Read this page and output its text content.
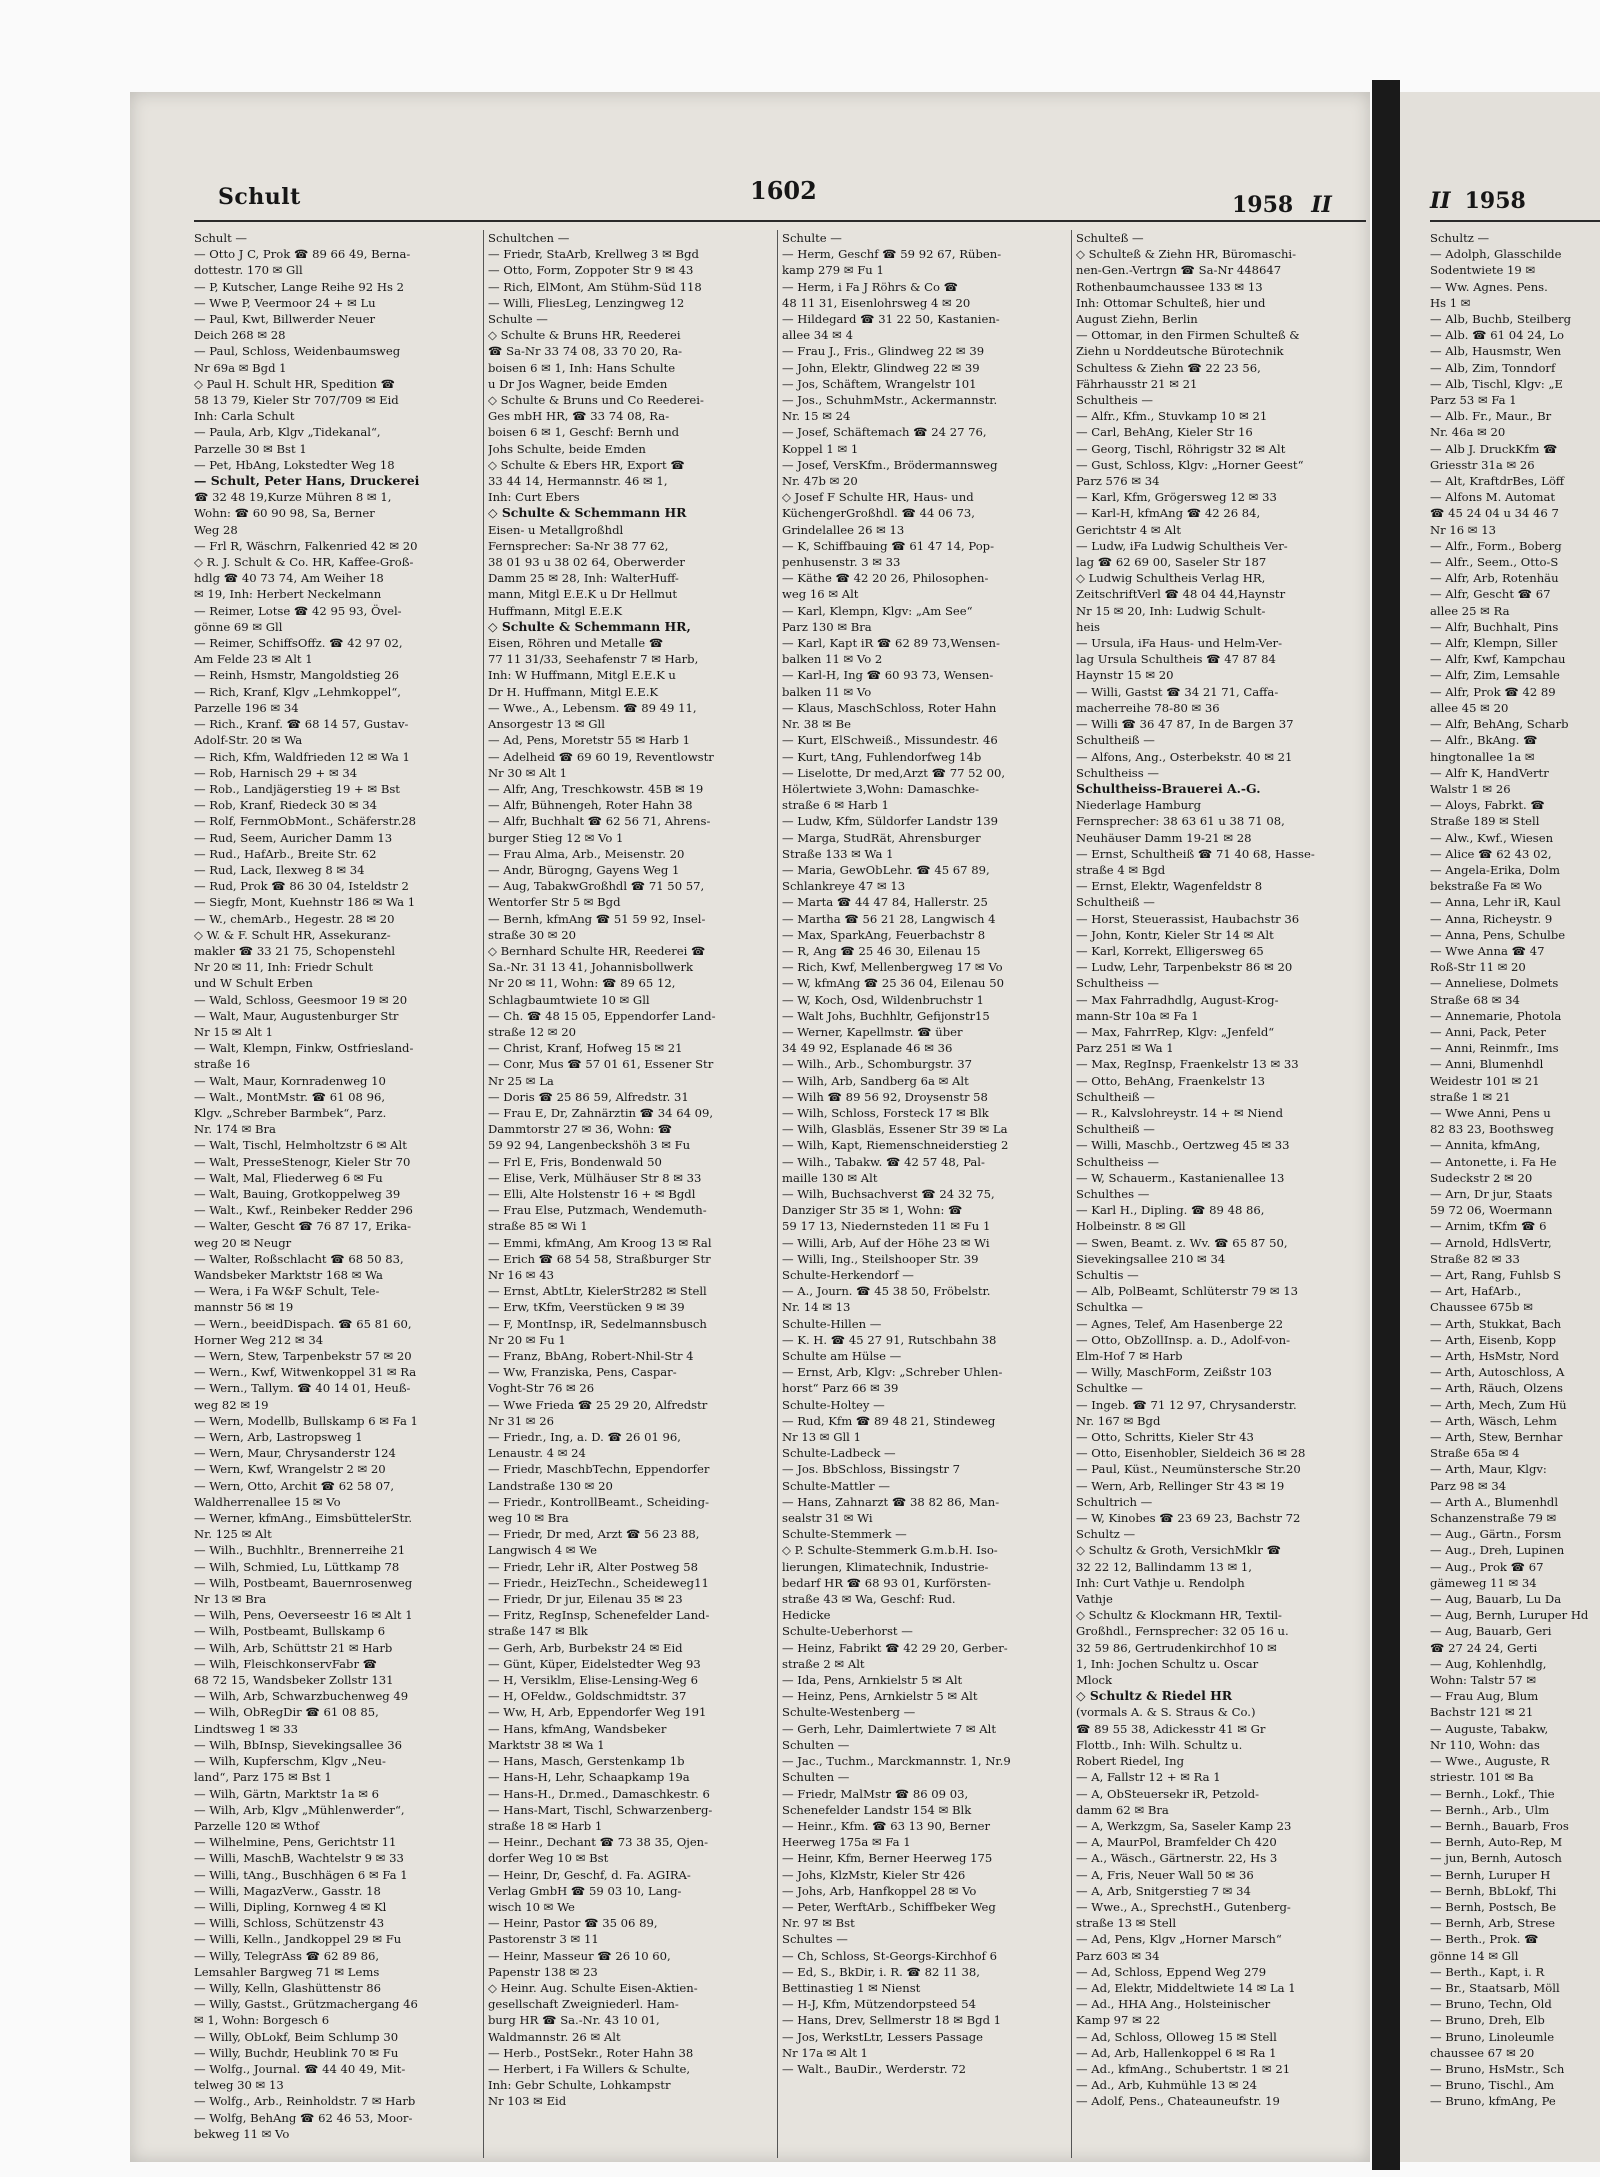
Schult	1602	1958 II
Schult —
— Otto J C, Prok ☎ 89 66 49, Berna-
dottestr. 170 ✉ Gll
— P, Kutscher, Lange Reihe 92 Hs 2
— Wwe P, Veermoor 24 + ✉ Lu
— Paul, Kwt, Billwerder Neuer
Deich 268 ✉ 28
— Paul, Schloss, Weidenbaumsweg
Nr 69a ✉ Bgd 1
◇ Paul H. Schult HR, Spedition ☎
58 13 79, Kieler Str 707/709 ✉ Eid
Inh: Carla Schult
— Paula, Arb, Klgv „Tidekanal“,
Parzelle 30 ✉ Bst 1
— Pet, HbAng, Lokstedter Weg 18
— Schult, Peter Hans, Druckerei
☎ 32 48 19,Kurze Mühren 8 ✉ 1,
Wohn: ☎ 60 90 98, Sa, Berner
Weg 28
— Frl R, Wäschrn, Falkenried 42 ✉ 20
◇ R. J. Schult & Co. HR, Kaffee-Groß-
hdlg ☎ 40 73 74, Am Weiher 18
✉ 19, Inh: Herbert Neckelmann
— Reimer, Lotse ☎ 42 95 93, Övel-
gönne 69 ✉ Gll
— Reimer, SchiffsOffz. ☎ 42 97 02,
Am Felde 23 ✉ Alt 1
— Reinh, Hsmstr, Mangoldstieg 26
— Rich, Kranf, Klgv „Lehmkoppel“,
Parzelle 196 ✉ 34
— Rich., Kranf. ☎ 68 14 57, Gustav-
Adolf-Str. 20 ✉ Wa
— Rich, Kfm, Waldfrieden 12 ✉ Wa 1
— Rob, Harnisch 29 + ✉ 34
— Rob., Landjägerstieg 19 + ✉ Bst
— Rob, Kranf, Riedeck 30 ✉ 34
— Rolf, FernmObMont., Schäferstr.28
— Rud, Seem, Auricher Damm 13
— Rud., HafArb., Breite Str. 62
— Rud, Lack, Ilexweg 8 ✉ 34
— Rud, Prok ☎ 86 30 04, Isteldstr 2
— Siegfr, Mont, Kuehnstr 186 ✉ Wa 1
— W., chemArb., Hegestr. 28 ✉ 20
◇ W. & F. Schult HR, Assekuranz-
makler ☎ 33 21 75, Schopenstehl
Nr 20 ✉ 11, Inh: Friedr Schult
und W Schult Erben
— Wald, Schloss, Geesmoor 19 ✉ 20
— Walt, Maur, Augustenburger Str
Nr 15 ✉ Alt 1
— Walt, Klempn, Finkw, Ostfriesland-
straße 16
— Walt, Maur, Kornradenweg 10
— Walt., MontMstr. ☎ 61 08 96,
Klgv. „Schreber Barmbek“, Parz.
Nr. 174 ✉ Bra
— Walt, Tischl, Helmholtzstr 6 ✉ Alt
— Walt, PresseStenogr, Kieler Str 70
— Walt, Mal, Fliederweg 6 ✉ Fu
— Walt, Bauing, Grotkoppelweg 39
— Walt., Kwf., Reinbeker Redder 296
— Walter, Gescht ☎ 76 87 17, Erika-
weg 20 ✉ Neugr
— Walter, Roßschlacht ☎ 68 50 83,
Wandsbeker Marktstr 168 ✉ Wa
— Wera, i Fa W&F Schult, Tele-
mannstr 56 ✉ 19
— Wern., beeidDispach. ☎ 65 81 60,
Horner Weg 212 ✉ 34
— Wern, Stew, Tarpenbekstr 57 ✉ 20
— Wern., Kwf, Witwenkoppel 31 ✉ Ra
— Wern., Tallym. ☎ 40 14 01, Heuß-
weg 82 ✉ 19
— Wern, Modellb, Bullskamp 6 ✉ Fa 1
— Wern, Arb, Lastropsweg 1
— Wern, Maur, Chrysanderstr 124
— Wern, Kwf, Wrangelstr 2 ✉ 20
— Wern, Otto, Archit ☎ 62 58 07,
Waldherrenallee 15 ✉ Vo
— Werner, kfmAng., EimsbüttelerStr.
Nr. 125 ✉ Alt
— Wilh., Buchhltr., Brennerreihe 21
— Wilh, Schmied, Lu, Lüttkamp 78
— Wilh, Postbeamt, Bauernrosenweg
Nr 13 ✉ Bra
— Wilh, Pens, Oeverseestr 16 ✉ Alt 1
— Wilh, Postbeamt, Bullskamp 6
— Wilh, Arb, Schüttstr 21 ✉ Harb
— Wilh, FleischkonservFabr ☎
68 72 15, Wandsbeker Zollstr 131
— Wilh, Arb, Schwarzbuchenweg 49
— Wilh, ObRegDir ☎ 61 08 85,
Lindtsweg 1 ✉ 33
— Wilh, BbInsp, Sievekingsallee 36
— Wilh, Kupferschm, Klgv „Neu-
land“, Parz 175 ✉ Bst 1
— Wilh, Gärtn, Marktstr 1a ✉ 6
— Wilh, Arb, Klgv „Mühlenwerder“,
Parzelle 120 ✉ Wthof
— Wilhelmine, Pens, Gerichtstr 11
— Willi, MaschB, Wachtelstr 9 ✉ 33
— Willi, tAng., Buschhägen 6 ✉ Fa 1
— Willi, MagazVerw., Gasstr. 18
— Willi, Dipling, Kornweg 4 ✉ Kl
— Willi, Schloss, Schützenstr 43
— Willi, Kelln., Jandkoppel 29 ✉ Fu
— Willy, TelegrAss ☎ 62 89 86,
Lemsahler Bargweg 71 ✉ Lems
— Willy, Kelln, Glashüttenstr 86
— Willy, Gastst., Grützmachergang 46
✉ 1, Wohn: Borgesch 6
— Willy, ObLokf, Beim Schlump 30
— Willy, Buchdr, Heublink 70 ✉ Fu
— Wolfg., Journal. ☎ 44 40 49, Mit-
telweg 30 ✉ 13
— Wolfg., Arb., Reinholdstr. 7 ✉ Harb
— Wolfg, BehAng ☎ 62 46 53, Moor-
bekweg 11 ✉ Vo
Schultchen —
— Friedr, StaArb, Krellweg 3 ✉ Bgd
— Otto, Form, Zoppoter Str 9 ✉ 43
— Rich, ElMont, Am Stühm-Süd 118
— Willi, FliesLeg, Lenzingweg 12
Schulte —
◇ Schulte & Bruns HR, Reederei
☎ Sa-Nr 33 74 08, 33 70 20, Ra-
boisen 6 ✉ 1, Inh: Hans Schulte
u Dr Jos Wagner, beide Emden
◇ Schulte & Bruns und Co Reederei-
Ges mbH HR, ☎ 33 74 08, Ra-
boisen 6 ✉ 1, Geschf: Bernh und
Johs Schulte, beide Emden
◇ Schulte & Ebers HR, Export ☎
33 44 14, Hermannstr. 46 ✉ 1,
Inh: Curt Ebers
◇ Schulte & Schemmann HR
Eisen- u Metallgroßhdl
Fernsprecher: Sa-Nr 38 77 62,
38 01 93 u 38 02 64, Oberwerder
Damm 25 ✉ 28, Inh: WalterHuff-
mann, Mitgl E.E.K u Dr Hellmut
Huffmann, Mitgl E.E.K
◇ Schulte & Schemmann HR,
Eisen, Röhren und Metalle ☎
77 11 31/33, Seehafenstr 7 ✉ Harb,
Inh: W Huffmann, Mitgl E.E.K u
Dr H. Huffmann, Mitgl E.E.K
— Wwe., A., Lebensm. ☎ 89 49 11,
Ansorgestr 13 ✉ Gll
— Ad, Pens, Moretstr 55 ✉ Harb 1
— Adelheid ☎ 69 60 19, Reventlowstr
Nr 30 ✉ Alt 1
— Alfr, Ang, Treschkowstr. 45B ✉ 19
— Alfr, Bühnengeh, Roter Hahn 38
— Alfr, Buchhalt ☎ 62 56 71, Ahrens-
burger Stieg 12 ✉ Vo 1
— Frau Alma, Arb., Meisenstr. 20
— Andr, Bürogng, Gayens Weg 1
— Aug, TabakwGroßhdl ☎ 71 50 57,
Wentorfer Str 5 ✉ Bgd
— Bernh, kfmAng ☎ 51 59 92, Insel-
straße 30 ✉ 20
◇ Bernhard Schulte HR, Reederei ☎
Sa.-Nr. 31 13 41, Johannisbollwerk
Nr 20 ✉ 11, Wohn: ☎ 89 65 12,
Schlagbaumtwiete 10 ✉ Gll
— Ch. ☎ 48 15 05, Eppendorfer Land-
straße 12 ✉ 20
— Christ, Kranf, Hofweg 15 ✉ 21
— Conr, Mus ☎ 57 01 61, Essener Str
Nr 25 ✉ La
— Doris ☎ 25 86 59, Alfredstr. 31
— Frau E, Dr, Zahnärztin ☎ 34 64 09,
Dammtorstr 27 ✉ 36, Wohn: ☎
59 92 94, Langenbeckshöh 3 ✉ Fu
— Frl E, Fris, Bondenwald 50
— Elise, Verk, Mülhäuser Str 8 ✉ 33
— Elli, Alte Holstenstr 16 + ✉ Bgdl
— Frau Else, Putzmach, Wendemuth-
straße 85 ✉ Wi 1
— Emmi, kfmAng, Am Kroog 13 ✉ Ral
— Erich ☎ 68 54 58, Straßburger Str
Nr 16 ✉ 43
— Ernst, AbtLtr, KielerStr282 ✉ Stell
— Erw, tKfm, Veerstücken 9 ✉ 39
— F, MontInsp, iR, Sedelmannsbusch
Nr 20 ✉ Fu 1
— Franz, BbAng, Robert-Nhil-Str 4
— Ww, Franziska, Pens, Caspar-
Voght-Str 76 ✉ 26
— Wwe Frieda ☎ 25 29 20, Alfredstr
Nr 31 ✉ 26
— Friedr., Ing, a. D. ☎ 26 01 96,
Lenaustr. 4 ✉ 24
— Friedr, MaschbTechn, Eppendorfer
Landstraße 130 ✉ 20
— Friedr., KontrollBeamt., Scheiding-
weg 10 ✉ Bra
— Friedr, Dr med, Arzt ☎ 56 23 88,
Langwisch 4 ✉ We
— Friedr, Lehr iR, Alter Postweg 58
— Friedr., HeizTechn., Scheideweg11
— Friedr, Dr jur, Eilenau 35 ✉ 23
— Fritz, RegInsp, Schenefelder Land-
straße 147 ✉ Blk
— Gerh, Arb, Burbekstr 24 ✉ Eid
— Günt, Küper, Eidelstedter Weg 93
— H, Versiklm, Elise-Lensing-Weg 6
— H, OFeldw., Goldschmidtstr. 37
— Ww, H, Arb, Eppendorfer Weg 191
— Hans, kfmAng, Wandsbeker
Marktstr 38 ✉ Wa 1
— Hans, Masch, Gerstenkamp 1b
— Hans-H, Lehr, Schaapkamp 19a
— Hans-H., Dr.med., Damaschkestr. 6
— Hans-Mart, Tischl, Schwarzenberg-
straße 18 ✉ Harb 1
— Heinr., Dechant ☎ 73 38 35, Ojen-
dorfer Weg 10 ✉ Bst
— Heinr, Dr, Geschf, d. Fa. AGIRA-
Verlag GmbH ☎ 59 03 10, Lang-
wisch 10 ✉ We
— Heinr, Pastor ☎ 35 06 89,
Pastorenstr 3 ✉ 11
— Heinr, Masseur ☎ 26 10 60,
Papenstr 138 ✉ 23
◇ Heinr. Aug. Schulte Eisen-Aktien-
gesellschaft Zweigniederl. Ham-
burg HR ☎ Sa.-Nr. 43 10 01,
Waldmannstr. 26 ✉ Alt
— Herb., PostSekr., Roter Hahn 38
— Herbert, i Fa Willers & Schulte,
Inh: Gebr Schulte, Lohkampstr
Nr 103 ✉ Eid
Schulte —
— Herm, Geschf ☎ 59 92 67, Rüben-
kamp 279 ✉ Fu 1
— Herm, i Fa J Röhrs & Co ☎
48 11 31, Eisenlohrsweg 4 ✉ 20
— Hildegard ☎ 31 22 50, Kastanien-
allee 34 ✉ 4
— Frau J., Fris., Glindweg 22 ✉ 39
— John, Elektr, Glindweg 22 ✉ 39
— Jos, Schäftem, Wrangelstr 101
— Jos., SchuhmMstr., Ackermannstr.
Nr. 15 ✉ 24
— Josef, Schäftemach ☎ 24 27 76,
Koppel 1 ✉ 1
— Josef, VersKfm., Brödermannsweg
Nr. 47b ✉ 20
◇ Josef F Schulte HR, Haus- und
KüchengerGroßhdl. ☎ 44 06 73,
Grindelallee 26 ✉ 13
— K, Schiffbauing ☎ 61 47 14, Pop-
penhusenstr. 3 ✉ 33
— Käthe ☎ 42 20 26, Philosophen-
weg 16 ✉ Alt
— Karl, Klempn, Klgv: „Am See“
Parz 130 ✉ Bra
— Karl, Kapt iR ☎ 62 89 73,Wensen-
balken 11 ✉ Vo 2
— Karl-H, Ing ☎ 60 93 73, Wensen-
balken 11 ✉ Vo
— Klaus, MaschSchloss, Roter Hahn
Nr. 38 ✉ Be
— Kurt, ElSchweiß., Missundestr. 46
— Kurt, tAng, Fuhlendorfweg 14b
— Liselotte, Dr med,Arzt ☎ 77 52 00,
Hölertwiete 3,Wohn: Damaschke-
straße 6 ✉ Harb 1
— Ludw, Kfm, Süldorfer Landstr 139
— Marga, StudRät, Ahrensburger
Straße 133 ✉ Wa 1
— Maria, GewObLehr. ☎ 45 67 89,
Schlankreye 47 ✉ 13
— Marta ☎ 44 47 84, Hallerstr. 25
— Martha ☎ 56 21 28, Langwisch 4
— Max, SparkAng, Feuerbachstr 8
— R, Ang ☎ 25 46 30, Eilenau 15
— Rich, Kwf, Mellenbergweg 17 ✉ Vo
— W, kfmAng ☎ 25 36 04, Eilenau 50
— W, Koch, Osd, Wildenbruchstr 1
— Walt Johs, Buchhltr, Gefijonstr15
— Werner, Kapellmstr. ☎ über
34 49 92, Esplanade 46 ✉ 36
— Wilh., Arb., Schomburgstr. 37
— Wilh, Arb, Sandberg 6a ✉ Alt
— Wilh ☎ 89 56 92, Droysenstr 58
— Wilh, Schloss, Forsteck 17 ✉ Blk
— Wilh, Glasbläs, Essener Str 39 ✉ La
— Wilh, Kapt, Riemenschneiderstieg 2
— Wilh., Tabakw. ☎ 42 57 48, Pal-
maille 130 ✉ Alt
— Wilh, Buchsachverst ☎ 24 32 75,
Danziger Str 35 ✉ 1, Wohn: ☎
59 17 13, Niedernsteden 11 ✉ Fu 1
— Willi, Arb, Auf der Höhe 23 ✉ Wi
— Willi, Ing., Steilshooper Str. 39
Schulte-Herkendorf —
— A., Journ. ☎ 45 38 50, Fröbelstr.
Nr. 14 ✉ 13
Schulte-Hillen —
— K. H. ☎ 45 27 91, Rutschbahn 38
Schulte am Hülse —
— Ernst, Arb, Klgv: „Schreber Uhlen-
horst“ Parz 66 ✉ 39
Schulte-Holtey —
— Rud, Kfm ☎ 89 48 21, Stindeweg
Nr 13 ✉ Gll 1
Schulte-Ladbeck —
— Jos. BbSchloss, Bissingstr 7
Schulte-Mattler —
— Hans, Zahnarzt ☎ 38 82 86, Man-
sealstr 31 ✉ Wi
Schulte-Stemmerk —
◇ P. Schulte-Stemmerk G.m.b.H. Iso-
lierungen, Klimatechnik, Industrie-
bedarf HR ☎ 68 93 01, Kurförsten-
straße 43 ✉ Wa, Geschf: Rud.
Hedicke
Schulte-Ueberhorst —
— Heinz, Fabrikt ☎ 42 29 20, Gerber-
straße 2 ✉ Alt
— Ida, Pens, Arnkielstr 5 ✉ Alt
— Heinz, Pens, Arnkielstr 5 ✉ Alt
Schulte-Westenberg —
— Gerh, Lehr, Daimlertwiete 7 ✉ Alt
Schulten —
— Jac., Tuchm., Marckmannstr. 1, Nr.9
Schulten —
— Friedr, MalMstr ☎ 86 09 03,
Schenefelder Landstr 154 ✉ Blk
— Heinr., Kfm. ☎ 63 13 90, Berner
Heerweg 175a ✉ Fa 1
— Heinr, Kfm, Berner Heerweg 175
— Johs, KlzMstr, Kieler Str 426
— Johs, Arb, Hanfkoppel 28 ✉ Vo
— Peter, WerftArb., Schiffbeker Weg
Nr. 97 ✉ Bst
Schultes —
— Ch, Schloss, St-Georgs-Kirchhof 6
— Ed, S., BkDir, i. R. ☎ 82 11 38,
Bettinastieg 1 ✉ Nienst
— H-J, Kfm, Mützendorpsteed 54
— Hans, Drev, Sellmerstr 18 ✉ Bgd 1
— Jos, WerkstLtr, Lessers Passage
Nr 17a ✉ Alt 1
— Walt., BauDir., Werderstr. 72
Schulteß —
◇ Schulteß & Ziehn HR, Büromaschi-
nen-Gen.-Vertrgn ☎ Sa-Nr 448647
Rothenbaumchaussee 133 ✉ 13
Inh: Ottomar Schulteß, hier und
August Ziehn, Berlin
— Ottomar, in den Firmen Schulteß &
Ziehn u Norddeutsche Bürotechnik
Schultess & Ziehn ☎ 22 23 56,
Fährhausstr 21 ✉ 21
Schultheis —
— Alfr., Kfm., Stuvkamp 10 ✉ 21
— Carl, BehAng, Kieler Str 16
— Georg, Tischl, Röhrigstr 32 ✉ Alt
— Gust, Schloss, Klgv: „Horner Geest“
Parz 576 ✉ 34
— Karl, Kfm, Grögersweg 12 ✉ 33
— Karl-H, kfmAng ☎ 42 26 84,
Gerichtstr 4 ✉ Alt
— Ludw, iFa Ludwig Schultheis Ver-
lag ☎ 62 69 00, Saseler Str 187
◇ Ludwig Schultheis Verlag HR,
ZeitschriftVerl ☎ 48 04 44,Haynstr
Nr 15 ✉ 20, Inh: Ludwig Schult-
heis
— Ursula, iFa Haus- und Helm-Ver-
lag Ursula Schultheis ☎ 47 87 84
Haynstr 15 ✉ 20
— Willi, Gastst ☎ 34 21 71, Caffa-
macherreihe 78-80 ✉ 36
— Willi ☎ 36 47 87, In de Bargen 37
Schultheiß —
— Alfons, Ang., Osterbekstr. 40 ✉ 21
Schultheiss —
Schultheiss-Brauerei A.-G.
Niederlage Hamburg
Fernsprecher: 38 63 61 u 38 71 08,
Neuhäuser Damm 19-21 ✉ 28
— Ernst, Schultheiß ☎ 71 40 68, Hasse-
straße 4 ✉ Bgd
— Ernst, Elektr, Wagenfeldstr 8
Schultheiß —
— Horst, Steuerassist, Haubachstr 36
— John, Kontr, Kieler Str 14 ✉ Alt
— Karl, Korrekt, Elligersweg 65
— Ludw, Lehr, Tarpenbekstr 86 ✉ 20
Schultheiss —
— Max Fahrradhdlg, August-Krog-
mann-Str 10a ✉ Fa 1
— Max, FahrrRep, Klgv: „Jenfeld“
Parz 251 ✉ Wa 1
— Max, RegInsp, Fraenkelstr 13 ✉ 33
— Otto, BehAng, Fraenkelstr 13
Schultheiß —
— R., Kalvslohreystr. 14 + ✉ Niend
Schultheiß —
— Willi, Maschb., Oertzweg 45 ✉ 33
Schultheiss —
— W, Schauerm., Kastanienallee 13
Schulthes —
— Karl H., Dipling. ☎ 89 48 86,
Holbeinstr. 8 ✉ Gll
— Swen, Beamt. z. Wv. ☎ 65 87 50,
Sievekingsallee 210 ✉ 34
Schultis —
— Alb, PolBeamt, Schlüterstr 79 ✉ 13
Schultka —
— Agnes, Telef, Am Hasenberge 22
— Otto, ObZollInsp. a. D., Adolf-von-
Elm-Hof 7 ✉ Harb
— Willy, MaschForm, Zeißstr 103
Schultke —
— Ingeb. ☎ 71 12 97, Chrysanderstr.
Nr. 167 ✉ Bgd
— Otto, Schritts, Kieler Str 43
— Otto, Eisenhobler, Sieldeich 36 ✉ 28
— Paul, Küst., Neumünstersche Str.20
— Wern, Arb, Rellinger Str 43 ✉ 19
Schultrich —
— W, Kinobes ☎ 23 69 23, Bachstr 72
Schultz —
◇ Schultz & Groth, VersichMklr ☎
32 22 12, Ballindamm 13 ✉ 1,
Inh: Curt Vathje u. Rendolph
Vathje
◇ Schultz & Klockmann HR, Textil-
Großhdl., Fernsprecher: 32 05 16 u.
32 59 86, Gertrudenkirchhof 10 ✉
1, Inh: Jochen Schultz u. Oscar
Mlock
◇ Schultz & Riedel HR
(vormals A. & S. Straus & Co.)
☎ 89 55 38, Adickesstr 41 ✉ Gr
Flottb., Inh: Wilh. Schultz u.
Robert Riedel, Ing
— A, Fallstr 12 + ✉ Ra 1
— A, ObSteuersekr iR, Petzold-
damm 62 ✉ Bra
— A, Werkzgm, Sa, Saseler Kamp 23
— A, MaurPol, Bramfelder Ch 420
— A., Wäsch., Gärtnerstr. 22, Hs 3
— A, Fris, Neuer Wall 50 ✉ 36
— A, Arb, Snitgerstieg 7 ✉ 34
— Wwe., A., SprechstH., Gutenberg-
straße 13 ✉ Stell
— Ad, Pens, Klgv „Horner Marsch“
Parz 603 ✉ 34
— Ad, Schloss, Eppend Weg 279
— Ad, Elektr, Middeltwiete 14 ✉ La 1
— Ad., HHA Ang., Holsteinischer
Kamp 97 ✉ 22
— Ad, Schloss, Olloweg 15 ✉ Stell
— Ad, Arb, Hallenkoppel 6 ✉ Ra 1
— Ad., kfmAng., Schubertstr. 1 ✉ 21
— Ad., Arb, Kuhmühle 13 ✉ 24
— Adolf, Pens., Chateauneufstr. 19
II 1958
Schultz —
— Adolph, Glasschilde
Sodentwiete 19 ✉
— Ww. Agnes. Pens.
Hs 1 ✉
— Alb, Buchb, Steilberg
— Alb. ☎ 61 04 24, Lo
— Alb, Hausmstr, Wen
— Alb, Zim, Tonndorf
— Alb, Tischl, Klgv: „E
Parz 53 ✉ Fa 1
— Alb. Fr., Maur., Br
Nr. 46a ✉ 20
— Alb J. DruckKfm ☎
Griesstr 31a ✉ 26
— Alt, KraftdrBes, Löff
— Alfons M. Automat
☎ 45 24 04 u 34 46 7
Nr 16 ✉ 13
— Alfr., Form., Boberg
— Alfr., Seem., Otto-S
— Alfr, Arb, Rotenhäu
— Alfr, Gescht ☎ 67
allee 25 ✉ Ra
— Alfr, Buchhalt, Pins
— Alfr, Klempn, Siller
— Alfr, Kwf, Kampchau
— Alfr, Zim, Lemsahle
— Alfr, Prok ☎ 42 89
allee 45 ✉ 20
— Alfr, BehAng, Scharb
— Alfr., BkAng. ☎
hingtonallee 1a ✉
— Alfr K, HandVertr
Walstr 1 ✉ 26
— Aloys, Fabrkt. ☎
Straße 189 ✉ Stell
— Alw., Kwf., Wiesen
— Alice ☎ 62 43 02,
— Angela-Erika, Dolm
bekstraße Fa ✉ Wo
— Anna, Lehr iR, Kaul
— Anna, Richeystr. 9
— Anna, Pens, Schulbe
— Wwe Anna ☎ 47
Roß-Str 11 ✉ 20
— Anneliese, Dolmets
Straße 68 ✉ 34
— Annemarie, Photola
— Anni, Pack, Peter
— Anni, Reinmfr., Ims
— Anni, Blumenhdl
Weidestr 101 ✉ 21
straße 1 ✉ 21
— Wwe Anni, Pens u
82 83 23, Boothsweg
— Annita, kfmAng,
— Antonette, i. Fa He
Sudeckstr 2 ✉ 20
— Arn, Dr jur, Staats
59 72 06, Woermann
— Arnim, tKfm ☎ 6
— Arnold, HdlsVertr,
Straße 82 ✉ 33
— Art, Rang, Fuhlsb S
— Art, HafArb.,
Chaussee 675b ✉
— Arth, Stukkat, Bach
— Arth, Eisenb, Kopp
— Arth, HsMstr, Nord
— Arth, Autoschloss, A
— Arth, Räuch, Olzens
— Arth, Mech, Zum Hü
— Arth, Wäsch, Lehm
— Arth, Stew, Bernhar
Straße 65a ✉ 4
— Arth, Maur, Klgv:
Parz 98 ✉ 34
— Arth A., Blumenhdl
Schanzenstraße 79 ✉
— Aug., Gärtn., Forsm
— Aug., Dreh, Lupinen
— Aug., Prok ☎ 67
gämeweg 11 ✉ 34
— Aug, Bauarb, Lu Da
— Aug, Bernh, Luruper Hd
— Aug, Bauarb, Geri
☎ 27 24 24, Gerti
— Aug, Kohlenhdlg,
Wohn: Talstr 57 ✉
— Frau Aug, Blum
Bachstr 121 ✉ 21
— Auguste, Tabakw,
Nr 110, Wohn: das
— Wwe., Auguste, R
striestr. 101 ✉ Ba
— Bernh., Lokf., Thie
— Bernh., Arb., Ulm
— Bernh., Bauarb, Fros
— Bernh, Auto-Rep, M
— jun, Bernh, Autosch
— Bernh, Luruper H
— Bernh, BbLokf, Thi
— Bernh, Postsch, Be
— Bernh, Arb, Strese
— Berth., Prok. ☎
gönne 14 ✉ Gll
— Berth., Kapt, i. R
— Br., Staatsarb, Möll
— Bruno, Techn, Old
— Bruno, Dreh, Elb
— Bruno, Linoleumle
chaussee 67 ✉ 20
— Bruno, HsMstr., Sch
— Bruno, Tischl., Am
— Bruno, kfmAng, Pe
